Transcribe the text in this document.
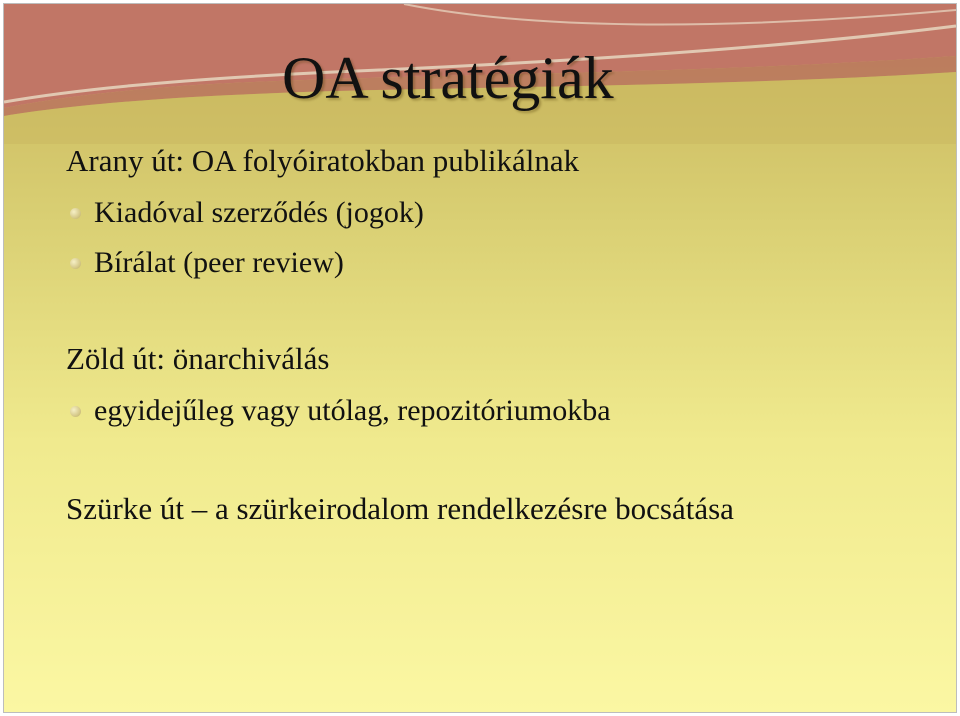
OA stratégiák

Arany út: OA folyóiratokban publikálnak

Kiadóval szerződés (jogok)

Bírálat (peer review)

Zöld út: önarchiválás

egyidejűleg vagy utólag, repozitóriumokba

Szürke út – a szürkeirodalom rendelkezésre bocsátása
